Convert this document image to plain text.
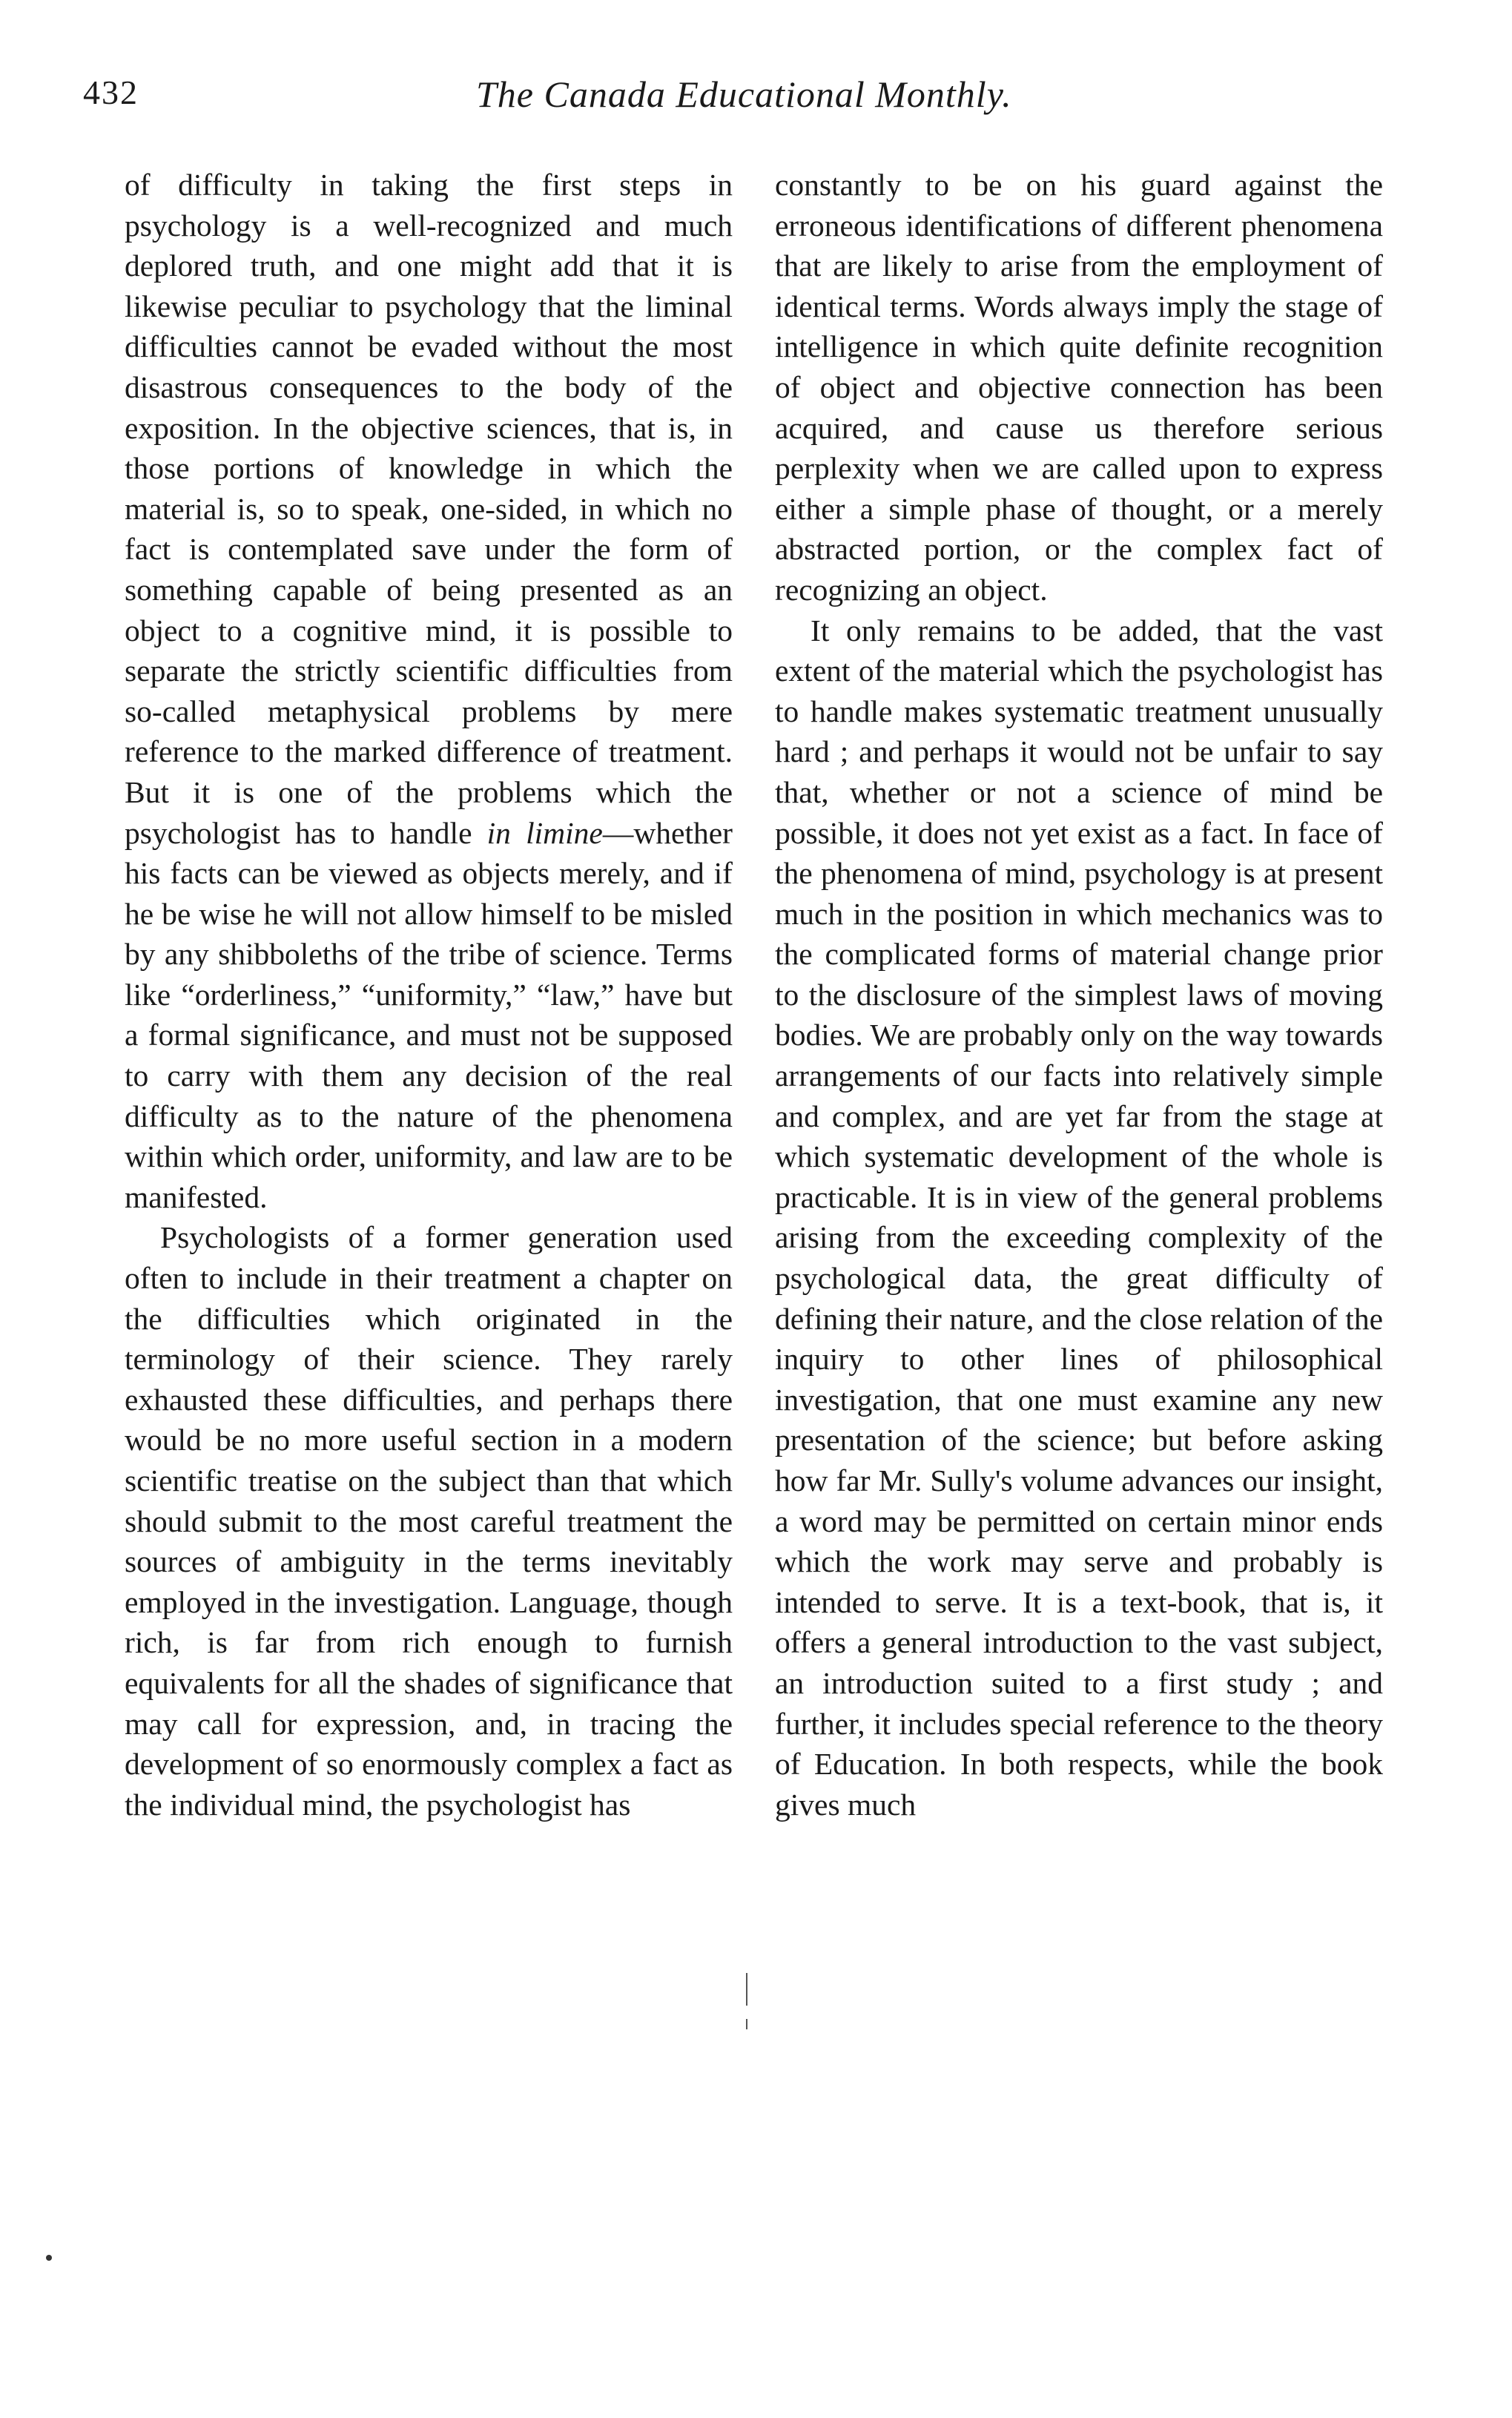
432	The Canada Educational Monthly.

of difficulty in taking the first steps in psychology is a well-recognized and much deplored truth, and one might add that it is likewise peculiar to psychology that the liminal difficulties cannot be evaded without the most disastrous consequences to the body of the exposition. In the objective sciences, that is, in those portions of knowledge in which the material is, so to speak, one-sided, in which no fact is contemplated save under the form of something capable of being presented as an object to a cognitive mind, it is possible to separate the strictly scientific difficulties from so-called metaphysical problems by mere reference to the marked difference of treatment. But it is one of the problems which the psychologist has to handle in limine—whether his facts can be viewed as objects merely, and if he be wise he will not allow himself to be misled by any shibboleths of the tribe of science. Terms like “orderliness,” “uniformity,” “law,” have but a formal significance, and must not be supposed to carry with them any decision of the real difficulty as to the nature of the phenomena within which order, uniformity, and law are to be manifested.

Psychologists of a former generation used often to include in their treatment a chapter on the difficulties which originated in the terminology of their science. They rarely exhausted these difficulties, and perhaps there would be no more useful section in a modern scientific treatise on the subject than that which should submit to the most careful treatment the sources of ambiguity in the terms inevitably employed in the investigation. Language, though rich, is far from rich enough to furnish equivalents for all the shades of significance that may call for expression, and, in tracing the development of so enormously complex a fact as the individual mind, the psychologist has

constantly to be on his guard against the erroneous identifications of different phenomena that are likely to arise from the employment of identical terms. Words always imply the stage of intelligence in which quite definite recognition of object and objective connection has been acquired, and cause us therefore serious perplexity when we are called upon to express either a simple phase of thought, or a merely abstracted portion, or the complex fact of recognizing an object.

It only remains to be added, that the vast extent of the material which the psychologist has to handle makes systematic treatment unusually hard ; and perhaps it would not be unfair to say that, whether or not a science of mind be possible, it does not yet exist as a fact. In face of the phenomena of mind, psychology is at present much in the position in which mechanics was to the complicated forms of material change prior to the disclosure of the simplest laws of moving bodies. We are probably only on the way towards arrangements of our facts into relatively simple and complex, and are yet far from the stage at which systematic development of the whole is practicable. It is in view of the general problems arising from the exceeding complexity of the psychological data, the great difficulty of defining their nature, and the close relation of the inquiry to other lines of philosophical investigation, that one must examine any new presentation of the science; but before asking how far Mr. Sully's volume advances our insight, a word may be permitted on certain minor ends which the work may serve and probably is intended to serve. It is a text-book, that is, it offers a general introduction to the vast subject, an introduction suited to a first study ; and further, it includes special reference to the theory of Education. In both respects, while the book gives much
